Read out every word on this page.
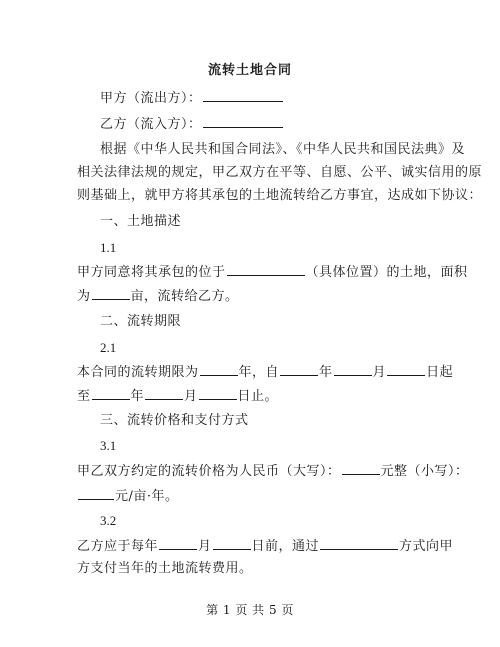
流转土地合同
甲方（流出方）：
乙方（流入方）：
根据《中华人民共和国合同法》、《中华人民共和国民法典》及
相关法律法规的规定，甲乙双方在平等、自愿、公平、诚实信用的原
则基础上，就甲方将其承包的土地流转给乙方事宜，达成如下协议：
一、土地描述
1.1
甲方同意将其承包的位于	（具体位置）的土地，面积
为	亩，流转给乙方。
二、流转期限
2.1
本合同的流转期限为	年，自	年	月	日起
至	年	月	日止。
三、流转价格和支付方式
3.1
甲乙双方约定的流转价格为人民币（大写）：	元整（小写）：
元/亩·年。
3.2
乙方应于每年	月	日前，通过	方式向甲
方支付当年的土地流转费用。
第 1 页 共 5 页
